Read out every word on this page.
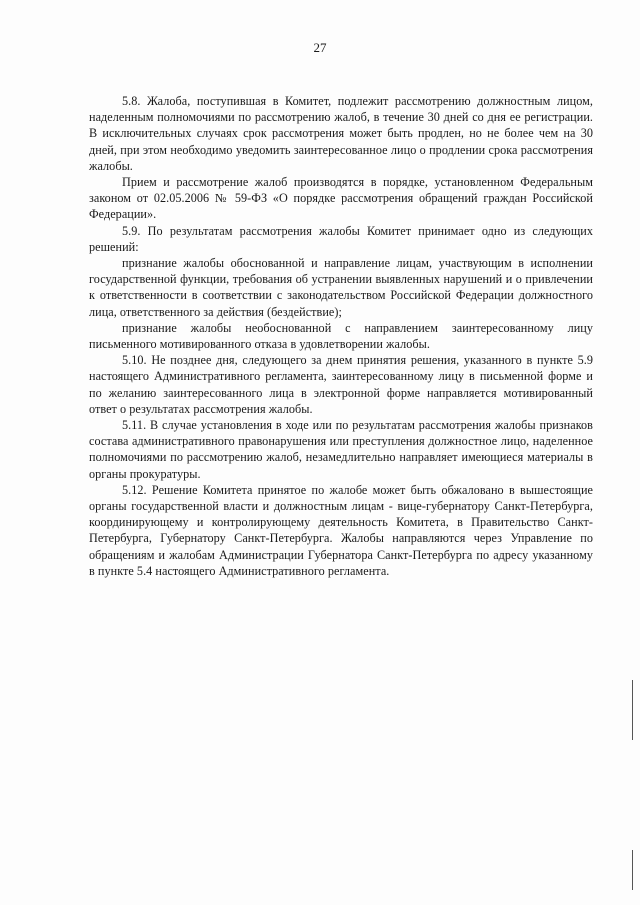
27

5.8. Жалоба, поступившая в Комитет, подлежит рассмотрению должностным лицом, наделенным полномочиями по рассмотрению жалоб, в течение 30 дней со дня ее регистрации. В исключительных случаях срок рассмотрения может быть продлен, но не более чем на 30 дней, при этом необходимо уведомить заинтересованное лицо о продлении срока рассмотрения жалобы.

Прием и рассмотрение жалоб производятся в порядке, установленном Федеральным законом от 02.05.2006 № 59-ФЗ «О порядке рассмотрения обращений граждан Российской Федерации».

5.9. По результатам рассмотрения жалобы Комитет принимает одно из следующих решений:

признание жалобы обоснованной и направление лицам, участвующим в исполнении государственной функции, требования об устранении выявленных нарушений и о привлечении к ответственности в соответствии с законодательством Российской Федерации должностного лица, ответственного за действия (бездействие);

признание жалобы необоснованной с направлением заинтересованному лицу письменного мотивированного отказа в удовлетворении жалобы.

5.10. Не позднее дня, следующего за днем принятия решения, указанного в пункте 5.9 настоящего Административного регламента, заинтересованному лицу в письменной форме и по желанию заинтересованного лица в электронной форме направляется мотивированный ответ о результатах рассмотрения жалобы.

5.11. В случае установления в ходе или по результатам рассмотрения жалобы признаков состава административного правонарушения или преступления должностное лицо, наделенное полномочиями по рассмотрению жалоб, незамедлительно направляет имеющиеся материалы в органы прокуратуры.

5.12. Решение Комитета принятое по жалобе может быть обжаловано в вышестоящие органы государственной власти и должностным лицам - вице-губернатору Санкт-Петербурга, координирующему и контролирующему деятельность Комитета, в Правительство Санкт-Петербурга, Губернатору Санкт-Петербурга. Жалобы направляются через Управление по обращениям и жалобам Администрации Губернатора Санкт-Петербурга по адресу указанному в пункте 5.4 настоящего Административного регламента.
